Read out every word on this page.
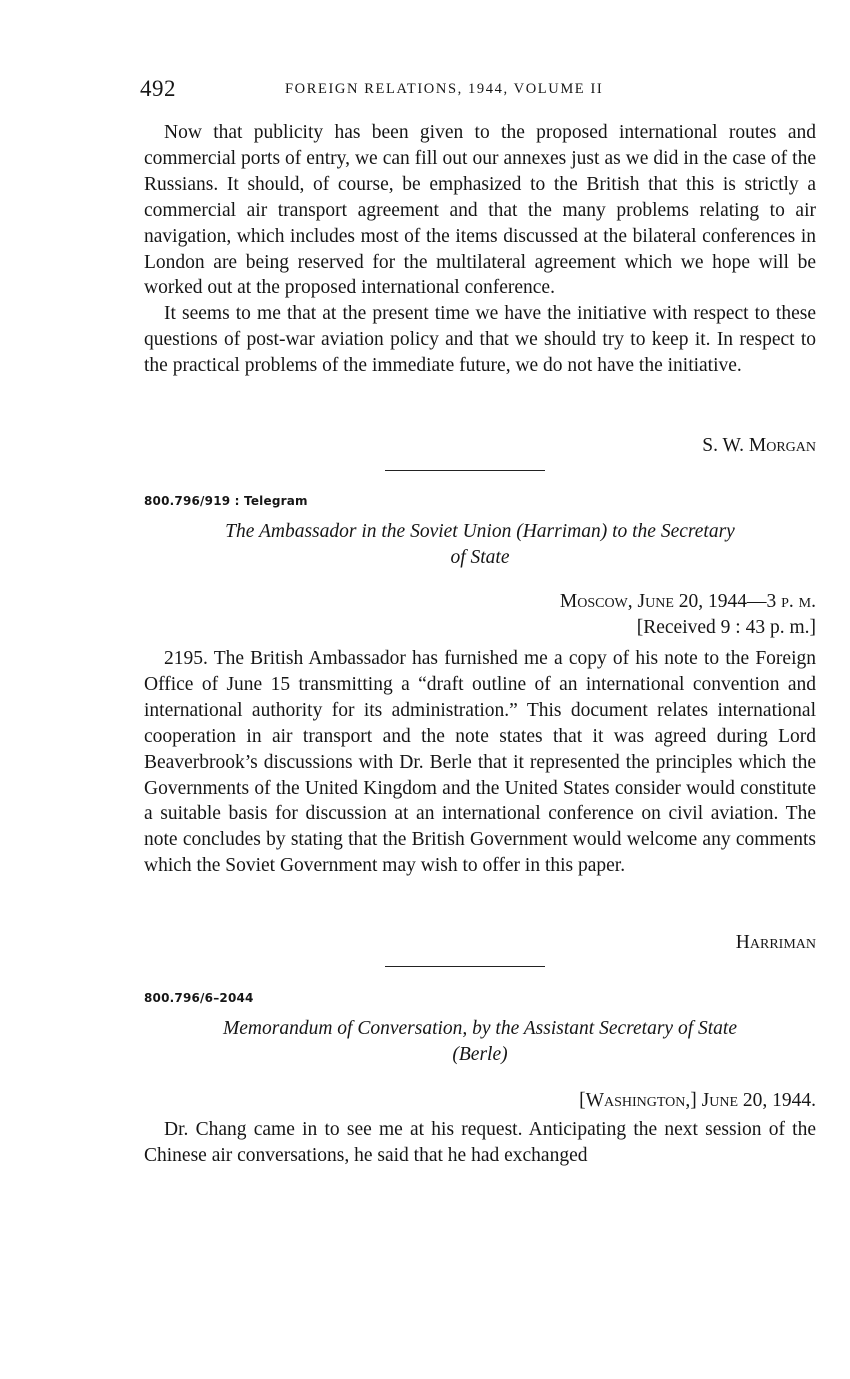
492	FOREIGN RELATIONS, 1944, VOLUME II

Now that publicity has been given to the proposed international routes and commercial ports of entry, we can fill out our annexes just as we did in the case of the Russians. It should, of course, be emphasized to the British that this is strictly a commercial air transport agreement and that the many problems relating to air navigation, which includes most of the items discussed at the bilateral conferences in London are being reserved for the multilateral agreement which we hope will be worked out at the proposed international conference.

It seems to me that at the present time we have the initiative with respect to these questions of post-war aviation policy and that we should try to keep it. In respect to the practical problems of the immediate future, we do not have the initiative.

S. W. Morgan
800.796/919 : Telegram
The Ambassador in the Soviet Union (Harriman) to the Secretary
of State
Moscow, June 20, 1944—3 p. m.
[Received 9 : 43 p. m.]

2195. The British Ambassador has furnished me a copy of his note to the Foreign Office of June 15 transmitting a “draft outline of an international convention and international authority for its administration.” This document relates international cooperation in air transport and the note states that it was agreed during Lord Beaverbrook’s discussions with Dr. Berle that it represented the principles which the Governments of the United Kingdom and the United States consider would constitute a suitable basis for discussion at an international conference on civil aviation. The note concludes by stating that the British Government would welcome any comments which the Soviet Government may wish to offer in this paper.

Harriman
800.796/6–2044
Memorandum of Conversation, by the Assistant Secretary of State
(Berle)
[Washington,] June 20, 1944.

Dr. Chang came in to see me at his request. Anticipating the next session of the Chinese air conversations, he said that he had exchanged
